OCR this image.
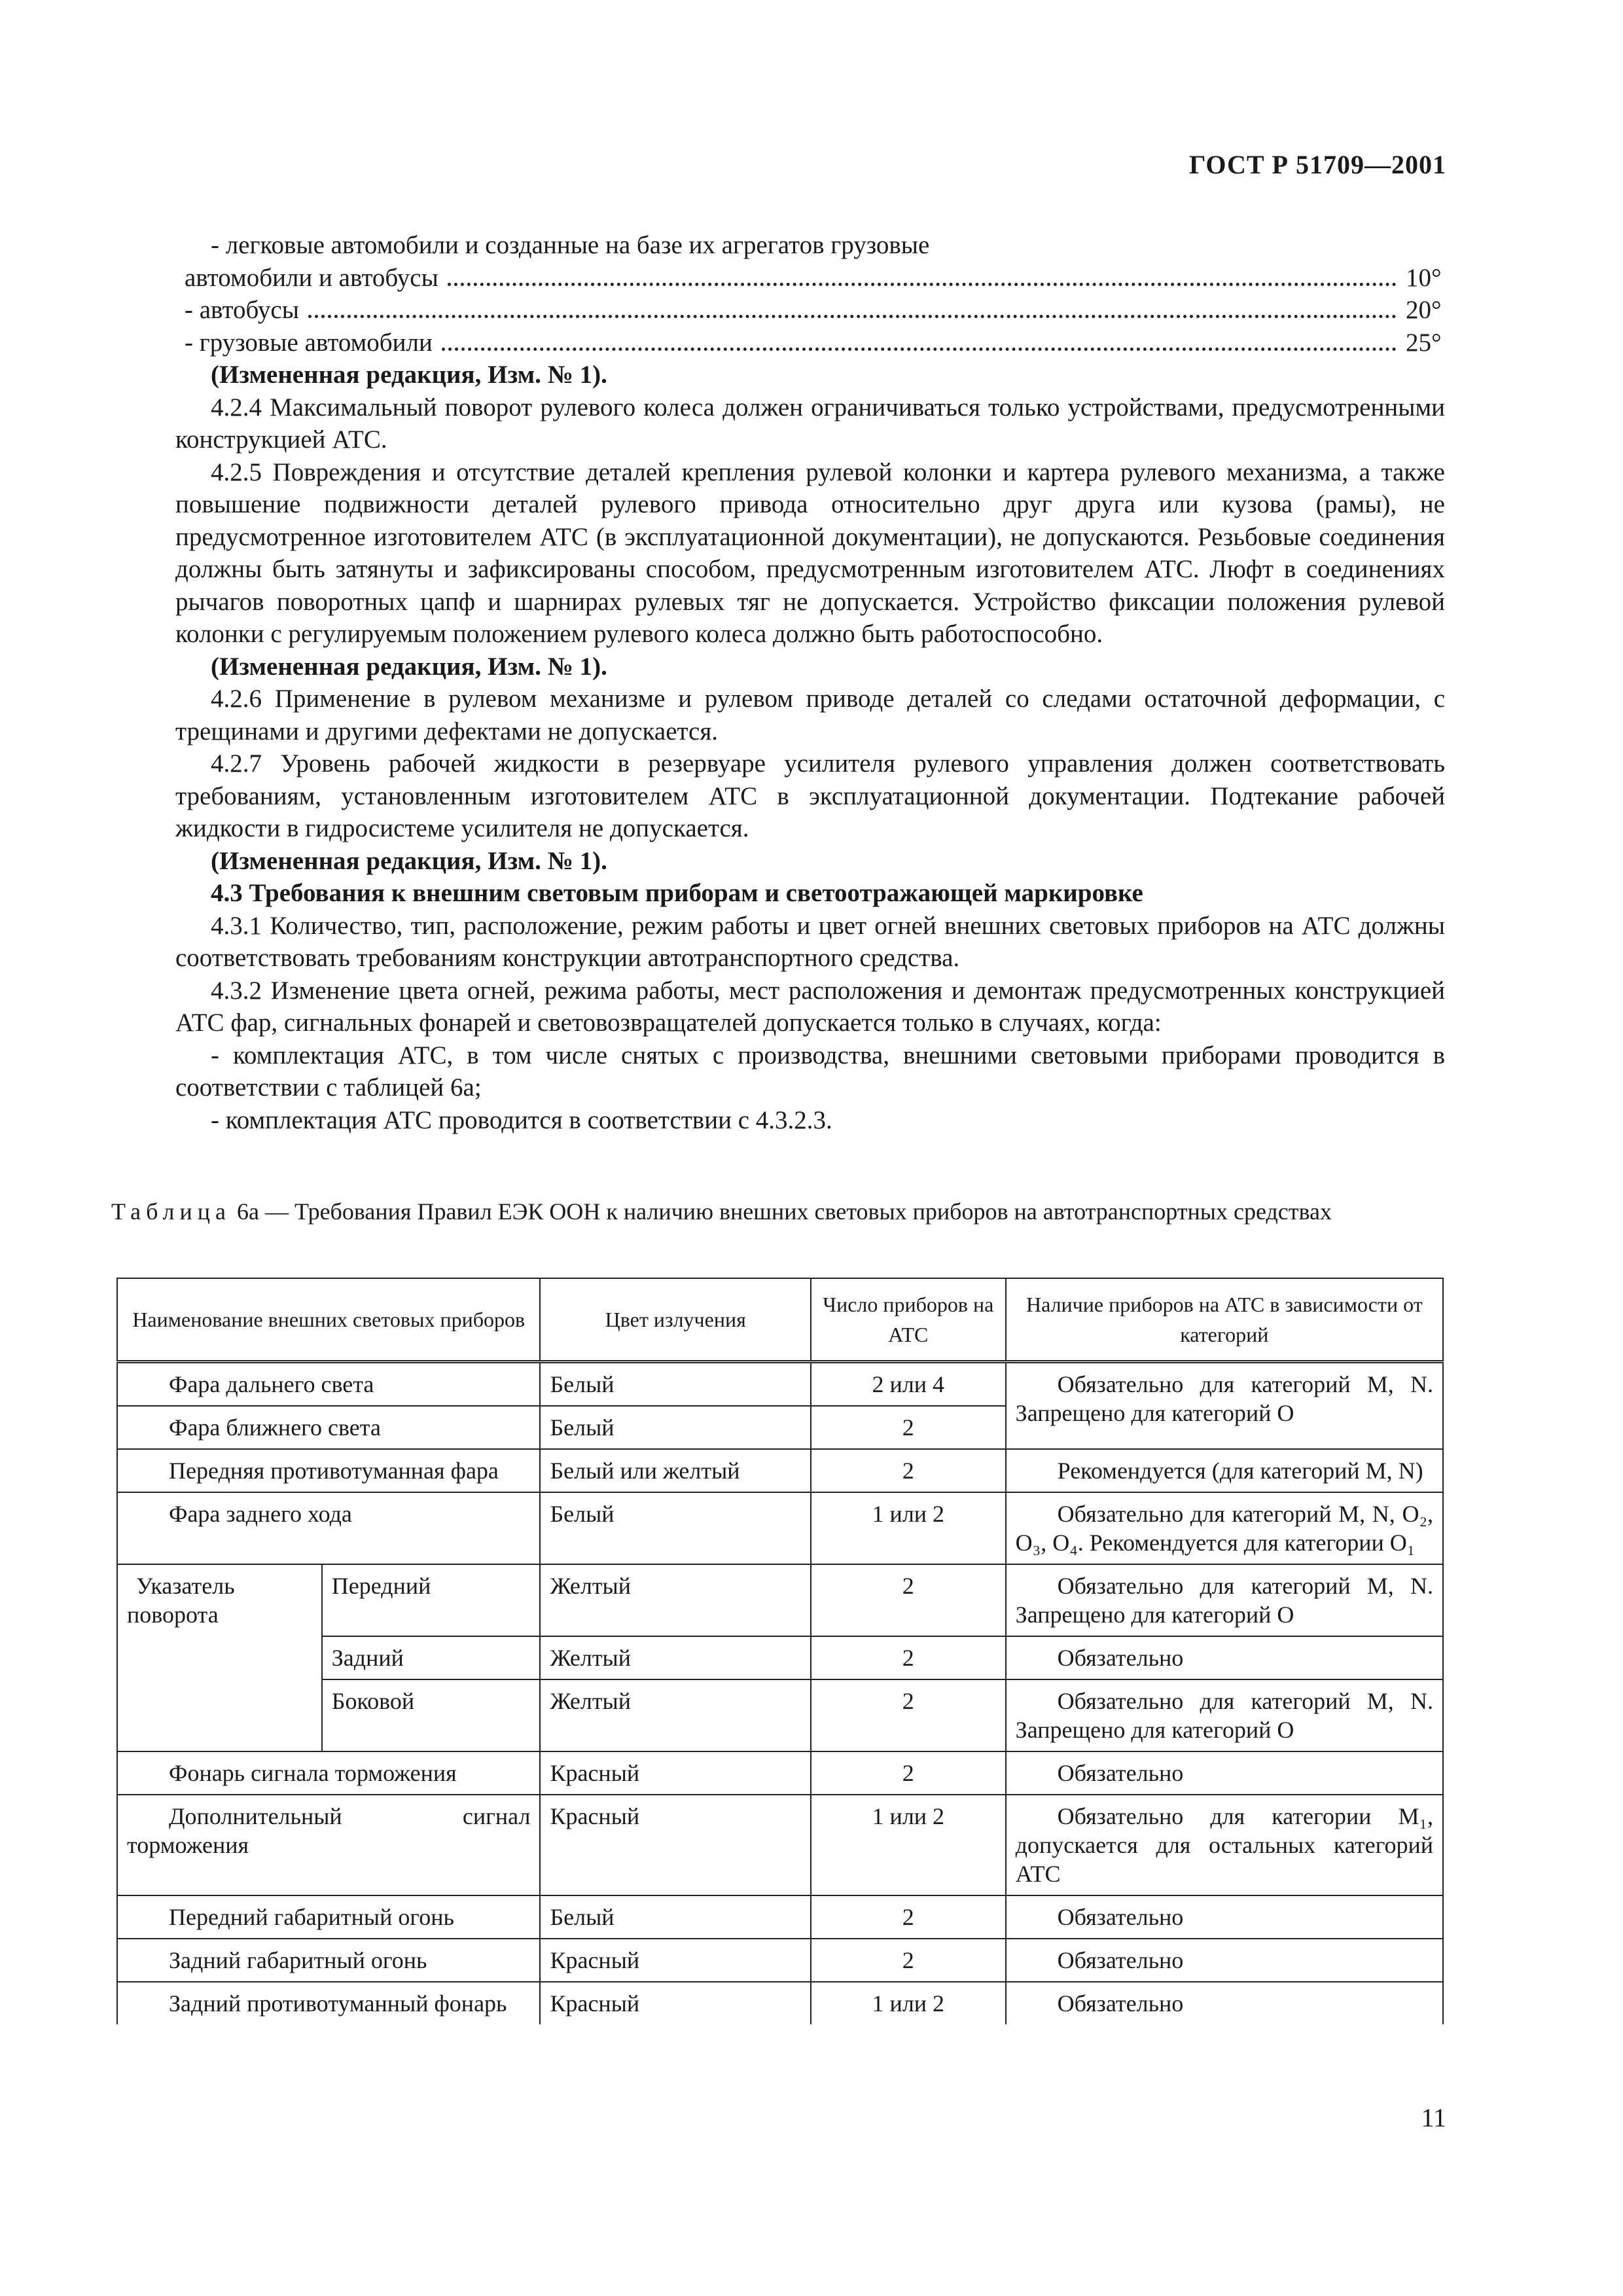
ГОСТ Р 51709—2001

- легковые автомобили и созданные на базе их агрегатов грузовые

автомобили и автобусы	10°
- автобусы	20°
- грузовые автомобили	25°

(Измененная редакция, Изм. № 1).

4.2.4 Максимальный поворот рулевого колеса должен ограничиваться только устройствами, предусмотренными конструкцией АТС.

4.2.5 Повреждения и отсутствие деталей крепления рулевой колонки и картера рулевого механизма, а также повышение подвижности деталей рулевого привода относительно друг друга или кузова (рамы), не предусмотренное изготовителем АТС (в эксплуатационной документации), не допускаются. Резьбовые соединения должны быть затянуты и зафиксированы способом, предусмотренным изготовителем АТС. Люфт в соединениях рычагов поворотных цапф и шарнирах рулевых тяг не допускается. Устройство фиксации положения рулевой колонки с регулируемым положением рулевого колеса должно быть работоспособно.

(Измененная редакция, Изм. № 1).

4.2.6 Применение в рулевом механизме и рулевом приводе деталей со следами остаточной деформации, с трещинами и другими дефектами не допускается.

4.2.7 Уровень рабочей жидкости в резервуаре усилителя рулевого управления должен соответствовать требованиям, установленным изготовителем АТС в эксплуатационной документации. Подтекание рабочей жидкости в гидросистеме усилителя не допускается.

(Измененная редакция, Изм. № 1).

4.3 Требования к внешним световым приборам и светоотражающей маркировке

4.3.1 Количество, тип, расположение, режим работы и цвет огней внешних световых приборов на АТС должны соответствовать требованиям конструкции автотранспортного средства.

4.3.2 Изменение цвета огней, режима работы, мест расположения и демонтаж предусмотренных конструкцией АТС фар, сигнальных фонарей и световозвращателей допускается только в случаях, когда:

- комплектация АТС, в том числе снятых с производства, внешними световыми приборами проводится в соответствии с таблицей 6а;

- комплектация АТС проводится в соответствии с 4.3.2.3.

Таблица 6а — Требования Правил ЕЭК ООН к наличию внешних световых приборов на автотранспортных средствах
Наименование внешних световых приборов		Цвет излучения	Число приборов на АТС	Наличие приборов на АТС в зависимости от категорий
Фара дальнего света		Белый	2 или 4	Обязательно для категорий М, N. Запрещено для категорий О

Фара ближнего света		Белый	2	
Передняя противотуманная фара		Белый или желтый	2	Рекомендуется (для категорий М, N)

Фара заднего хода		Белый	1 или 2	Обязательно для категорий М, N, О₂, О₃, О₄. Рекомендуется для категории О₁

Указатель поворота	Передний	Желтый	2	Обязательно для категорий М, N. Запрещено для категорий О

	Задний	Желтый	2	Обязательно

	Боковой	Желтый	2	Обязательно для категорий М, N. Запрещено для категорий О

Фонарь сигнала торможения		Красный	2	Обязательно

Дополнительный сигнал торможения		Красный	1 или 2	Обязательно для категории М₁, допускается для остальных категорий АТС

Передний габаритный огонь		Белый	2	Обязательно

Задний габаритный огонь		Красный	2	Обязательно

Задний противотуманный фонарь		Красный	1 или 2	Обязательно
11
